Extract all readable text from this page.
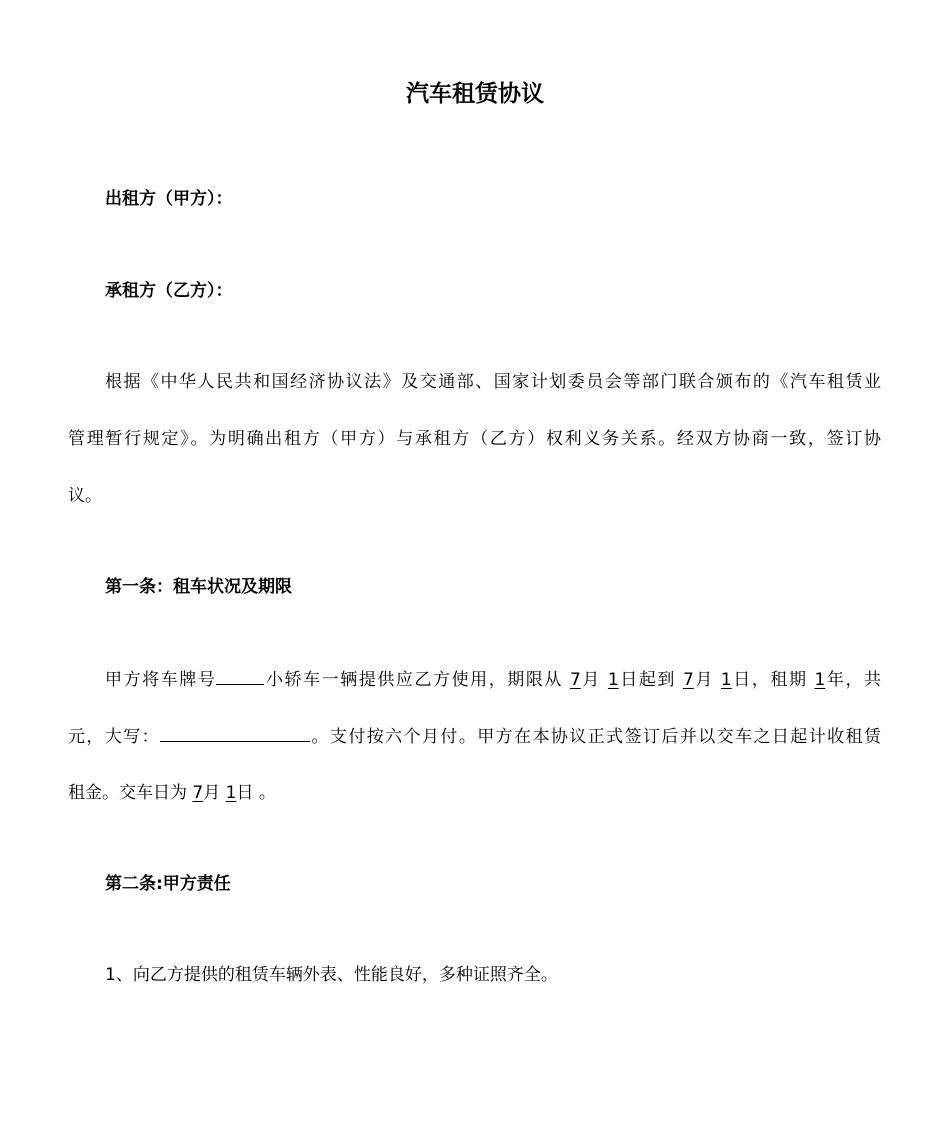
汽车租赁协议
出租方（甲方）：
承租方（乙方）：
根据《中华人民共和国经济协议法》及交通部、国家计划委员会等部门联合颁布的《汽车租赁业
管理暂行规定》。为明确出租方（甲方）与承租方（乙方）权利义务关系。经双方协商一致，签订协
议。
第一条：租车状况及期限
甲方将车牌号	小轿车一辆提供应乙方使用，期限从 7月 1日起到 7月 1日，租期 1年，共
元，大写：	。支付按六个月付。甲方在本协议正式签订后并以交车之日起计收租赁
租金。交车日为 7月 1日 。
第二条:甲方责任
1、向乙方提供的租赁车辆外表、性能良好，多种证照齐全。
